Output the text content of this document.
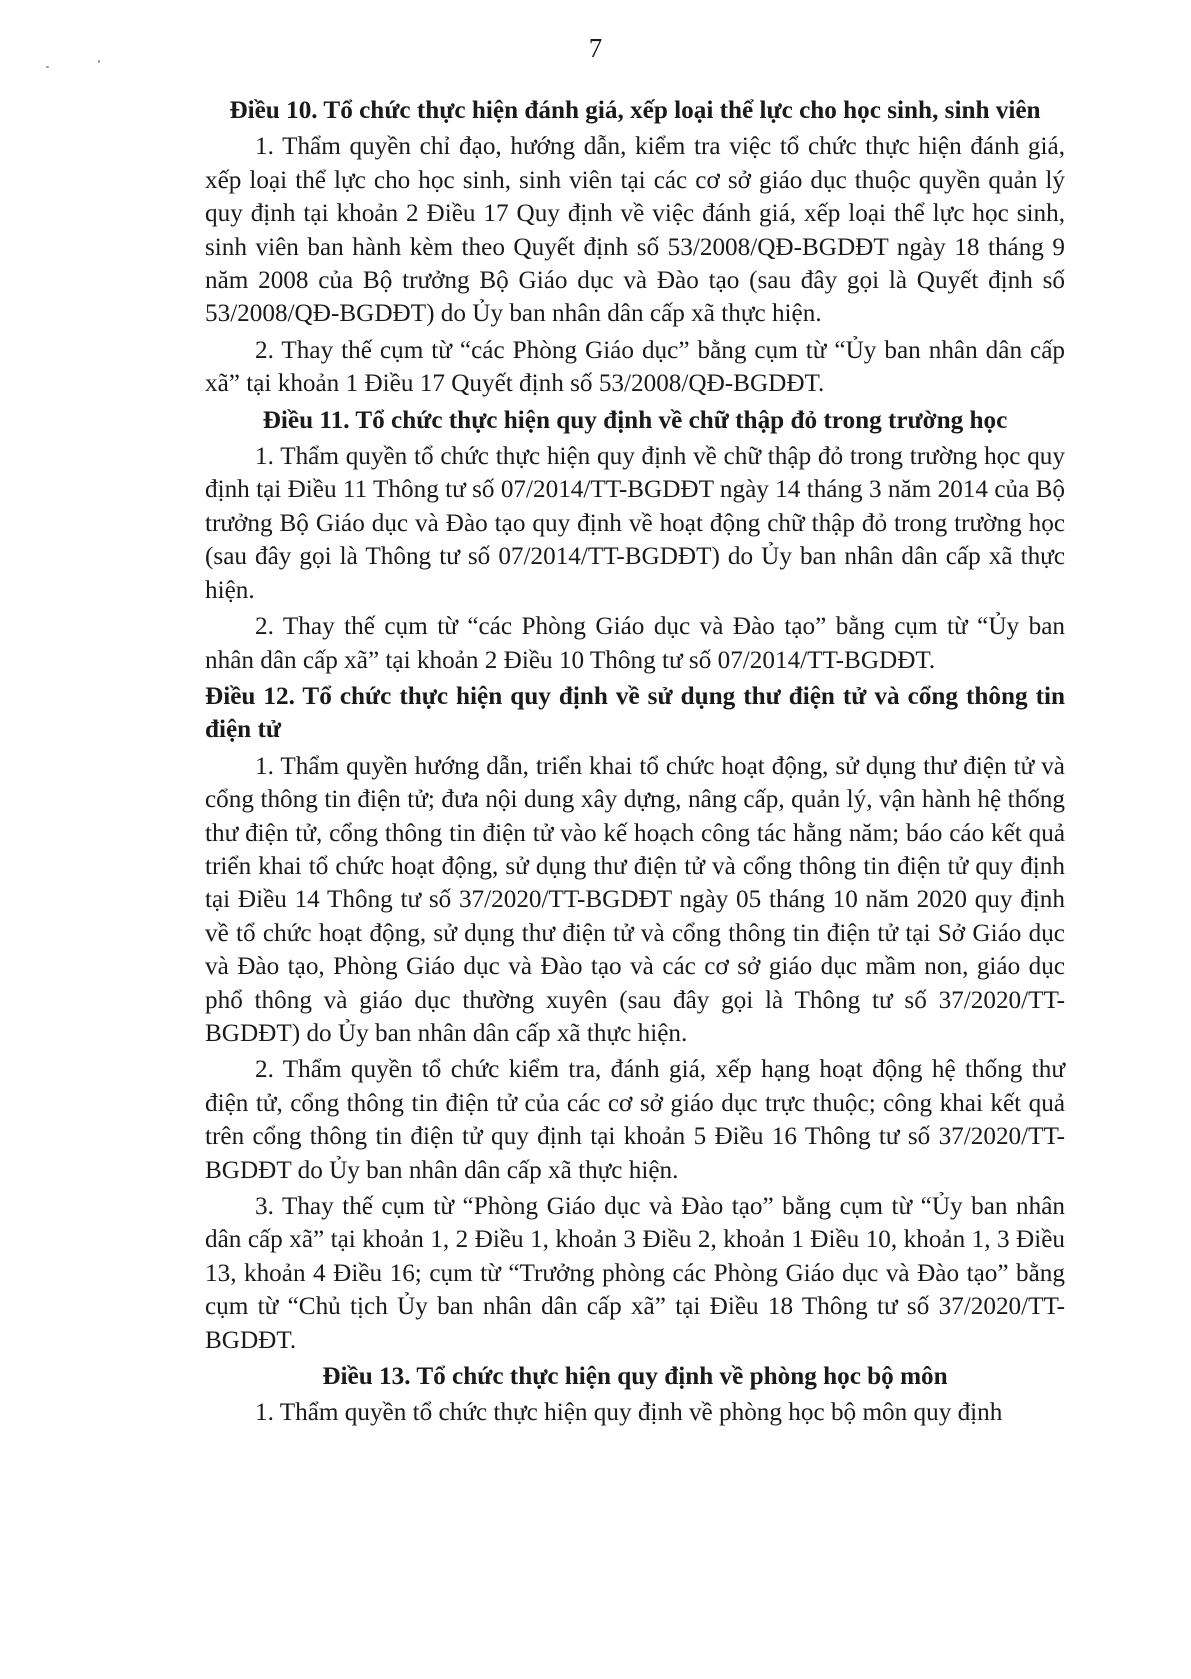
7
Điều 10. Tổ chức thực hiện đánh giá, xếp loại thể lực cho học sinh, sinh viên

1. Thẩm quyền chỉ đạo, hướng dẫn, kiểm tra việc tổ chức thực hiện đánh giá, xếp loại thể lực cho học sinh, sinh viên tại các cơ sở giáo dục thuộc quyền quản lý quy định tại khoản 2 Điều 17 Quy định về việc đánh giá, xếp loại thể lực học sinh, sinh viên ban hành kèm theo Quyết định số 53/2008/QĐ-BGDĐT ngày 18 tháng 9 năm 2008 của Bộ trưởng Bộ Giáo dục và Đào tạo (sau đây gọi là Quyết định số 53/2008/QĐ-BGDĐT) do Ủy ban nhân dân cấp xã thực hiện.

2. Thay thế cụm từ “các Phòng Giáo dục” bằng cụm từ “Ủy ban nhân dân cấp xã” tại khoản 1 Điều 17 Quyết định số 53/2008/QĐ-BGDĐT.

Điều 11. Tổ chức thực hiện quy định về chữ thập đỏ trong trường học

1. Thẩm quyền tổ chức thực hiện quy định về chữ thập đỏ trong trường học quy định tại Điều 11 Thông tư số 07/2014/TT-BGDĐT ngày 14 tháng 3 năm 2014 của Bộ trưởng Bộ Giáo dục và Đào tạo quy định về hoạt động chữ thập đỏ trong trường học (sau đây gọi là Thông tư số 07/2014/TT-BGDĐT) do Ủy ban nhân dân cấp xã thực hiện.

2. Thay thế cụm từ “các Phòng Giáo dục và Đào tạo” bằng cụm từ “Ủy ban nhân dân cấp xã” tại khoản 2 Điều 10 Thông tư số 07/2014/TT-BGDĐT.

Điều 12. Tổ chức thực hiện quy định về sử dụng thư điện tử và cổng thông tin điện tử

1. Thẩm quyền hướng dẫn, triển khai tổ chức hoạt động, sử dụng thư điện tử và cổng thông tin điện tử; đưa nội dung xây dựng, nâng cấp, quản lý, vận hành hệ thống thư điện tử, cổng thông tin điện tử vào kế hoạch công tác hằng năm; báo cáo kết quả triển khai tổ chức hoạt động, sử dụng thư điện tử và cổng thông tin điện tử quy định tại Điều 14 Thông tư số 37/2020/TT-BGDĐT ngày 05 tháng 10 năm 2020 quy định về tổ chức hoạt động, sử dụng thư điện tử và cổng thông tin điện tử tại Sở Giáo dục và Đào tạo, Phòng Giáo dục và Đào tạo và các cơ sở giáo dục mầm non, giáo dục phổ thông và giáo dục thường xuyên (sau đây gọi là Thông tư số 37/2020/TT-BGDĐT) do Ủy ban nhân dân cấp xã thực hiện.

2. Thẩm quyền tổ chức kiểm tra, đánh giá, xếp hạng hoạt động hệ thống thư điện tử, cổng thông tin điện tử của các cơ sở giáo dục trực thuộc; công khai kết quả trên cổng thông tin điện tử quy định tại khoản 5 Điều 16 Thông tư số 37/2020/TT-BGDĐT do Ủy ban nhân dân cấp xã thực hiện.

3. Thay thế cụm từ “Phòng Giáo dục và Đào tạo” bằng cụm từ “Ủy ban nhân dân cấp xã” tại khoản 1, 2 Điều 1, khoản 3 Điều 2, khoản 1 Điều 10, khoản 1, 3 Điều 13, khoản 4 Điều 16; cụm từ “Trưởng phòng các Phòng Giáo dục và Đào tạo” bằng cụm từ “Chủ tịch Ủy ban nhân dân cấp xã” tại Điều 18 Thông tư số 37/2020/TT-BGDĐT.

Điều 13. Tổ chức thực hiện quy định về phòng học bộ môn

1. Thẩm quyền tổ chức thực hiện quy định về phòng học bộ môn quy định
